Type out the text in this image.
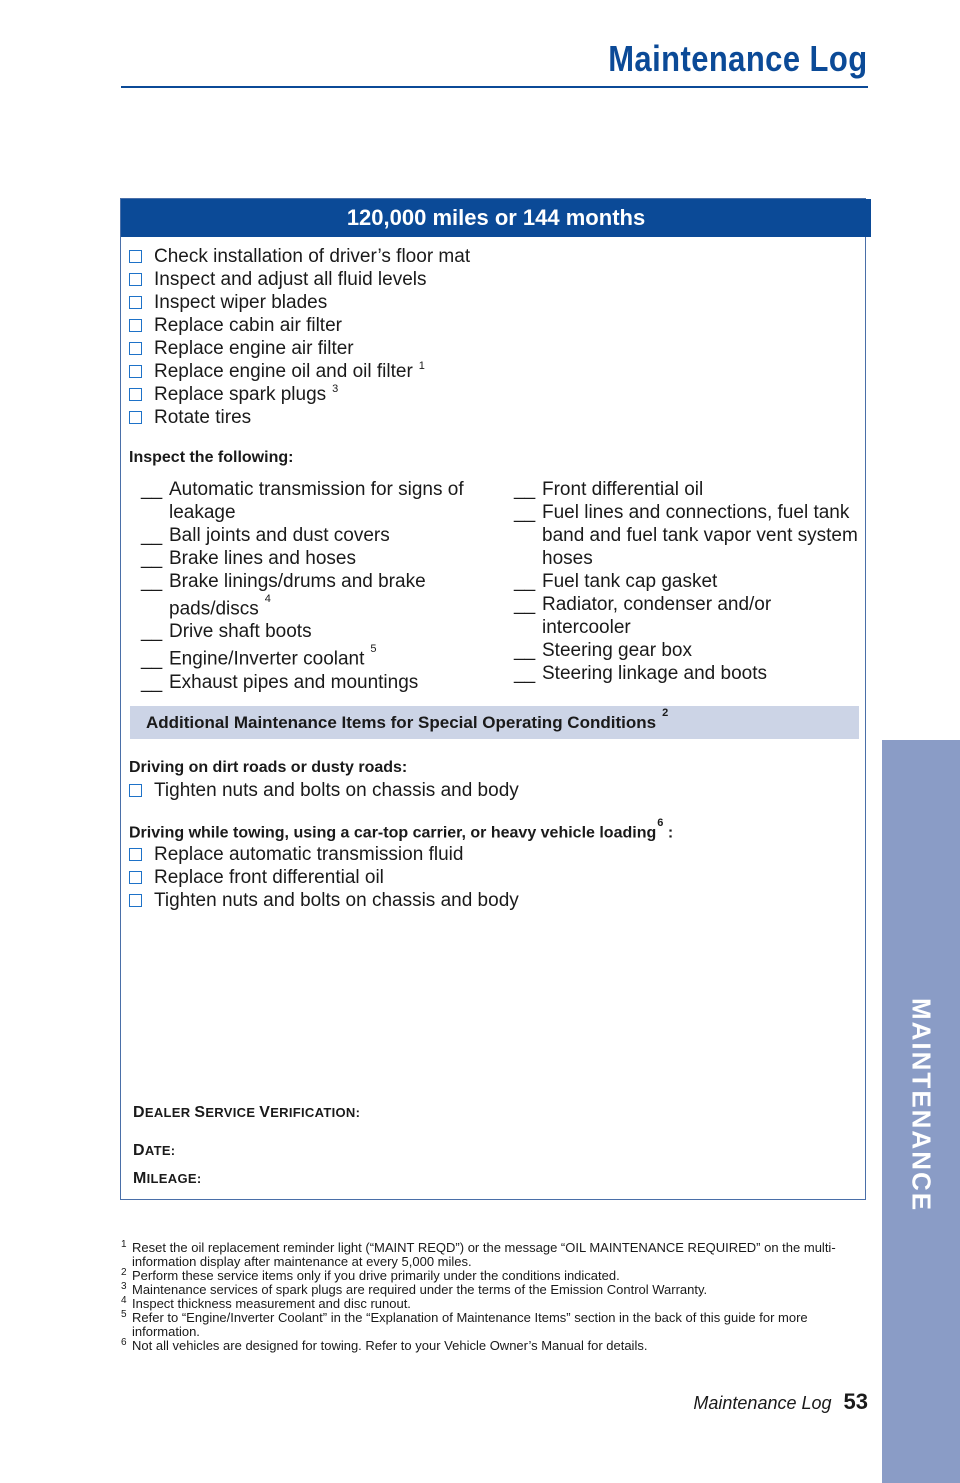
Maintenance Log
MAINTENANCE
120,000 miles or 144 months
Check installation of driver’s floor mat
Inspect and adjust all fluid levels
Inspect wiper blades
Replace cabin air filter
Replace engine air filter
Replace engine oil and oil filter $^1$
Replace spark plugs $^3$
Rotate tires
Inspect the following:
__ Automatic transmission for signs of leakage
__ Ball joints and dust covers
__ Brake lines and hoses
__ Brake linings/drums and brake pads/discs $^4$
__ Drive shaft boots
__ Engine/Inverter coolant $^5$
__ Exhaust pipes and mountings
__ Front differential oil
__ Fuel lines and connections, fuel tank band and fuel tank vapor vent system hoses
__ Fuel tank cap gasket
__ Radiator, condenser and/or intercooler
__ Steering gear box
__ Steering linkage and boots
Additional Maintenance Items for Special Operating Conditions $^2$
Driving on dirt roads or dusty roads:
Tighten nuts and bolts on chassis and body
Driving while towing, using a car-top carrier, or heavy vehicle loading$^6$ :
Replace automatic transmission fluid
Replace front differential oil
Tighten nuts and bolts on chassis and body
DEALER SERVICE VERIFICATION:
DATE:
MILEAGE:
1 Reset the oil replacement reminder light (“MAINT REQD”) or the message “OIL MAINTENANCE REQUIRED” on the multi-information display after maintenance at every 5,000 miles.
2 Perform these service items only if you drive primarily under the conditions indicated.
3 Maintenance services of spark plugs are required under the terms of the Emission Control Warranty.
4 Inspect thickness measurement and disc runout.
5 Refer to “Engine/Inverter Coolant” in the “Explanation of Maintenance Items” section in the back of this guide for more information.
6 Not all vehicles are designed for towing. Refer to your Vehicle Owner’s Manual for details.
Maintenance Log 53
